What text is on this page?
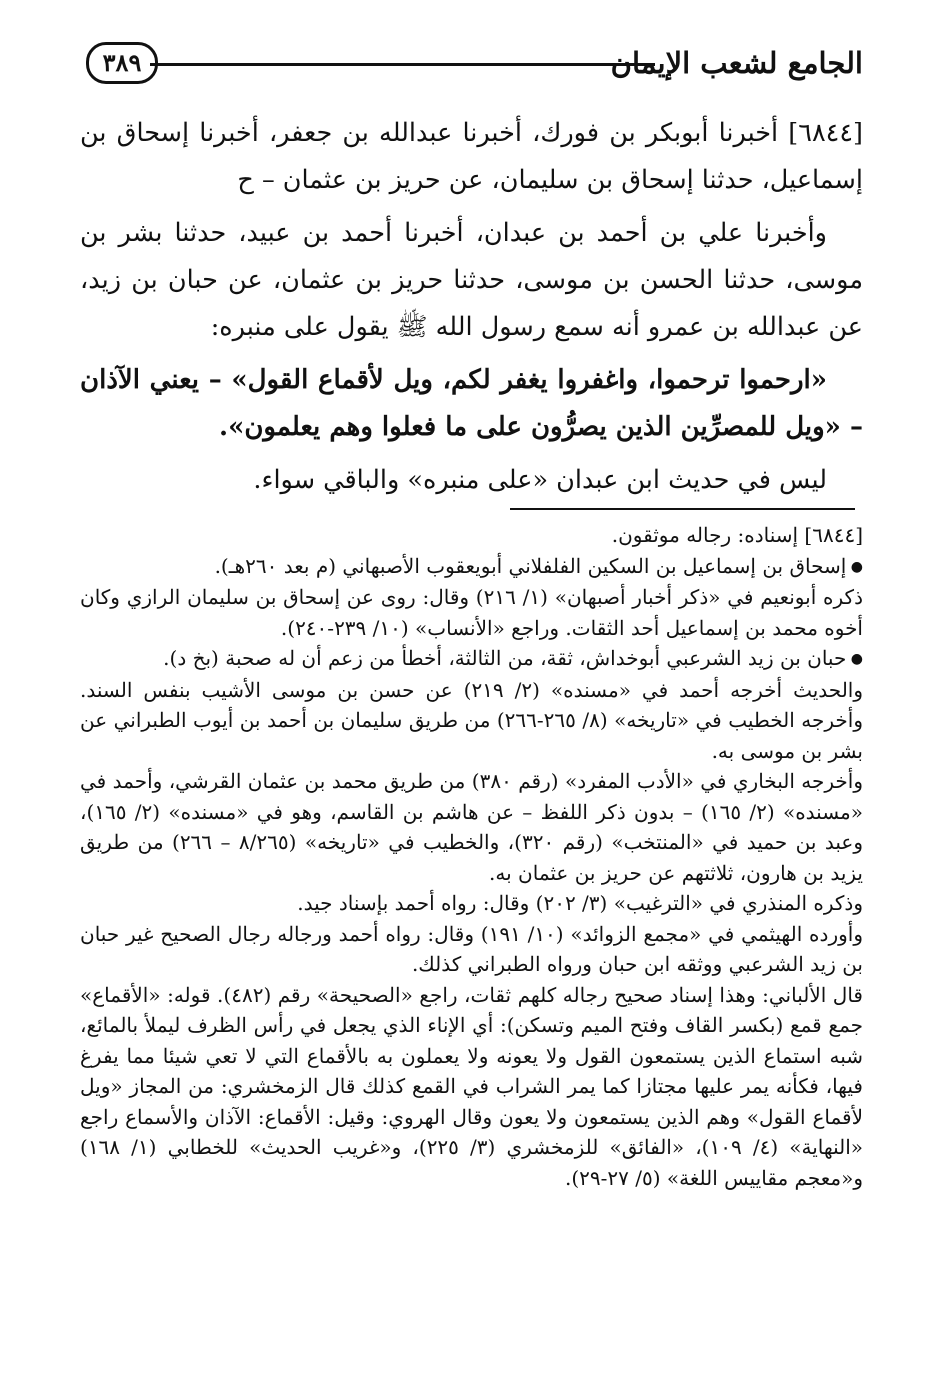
الجامع لشعب الإيمان
٣٨٩

[٦٨٤٤] أخبرنا أبوبكر بن فورك، أخبرنا عبدالله بن جعفر، أخبرنا إسحاق بن إسماعيل، حدثنا إسحاق بن سليمان، عن حريز بن عثمان – ح

وأخبرنا علي بن أحمد بن عبدان، أخبرنا أحمد بن عبيد، حدثنا بشر بن موسى، حدثنا الحسن بن موسى، حدثنا حريز بن عثمان، عن حبان بن زيد، عن عبدالله بن عمرو أنه سمع رسول الله ﷺ يقول على منبره:

«ارحموا ترحموا، واغفروا يغفر لكم، ويل لأقماع القول» – يعني الآذان – «ويل للمصرِّين الذين يصرُّون على ما فعلوا وهم يعلمون».

ليس في حديث ابن عبدان «على منبره» والباقي سواء.

[٦٨٤٤] إسناده: رجاله موثقون.

● إسحاق بن إسماعيل بن السكين الفلفلاني أبويعقوب الأصبهاني (م بعد ٢٦٠هـ).

ذكره أبونعيم في «ذكر أخبار أصبهان» (١/ ٢١٦) وقال: روى عن إسحاق بن سليمان الرازي وكان أخوه محمد بن إسماعيل أحد الثقات. وراجع «الأنساب» (١٠/ ٢٣٩-٢٤٠).

● حبان بن زيد الشرعبي أبوخداش، ثقة، من الثالثة، أخطأ من زعم أن له صحبة (بخ د).

والحديث أخرجه أحمد في «مسنده» (٢/ ٢١٩) عن حسن بن موسى الأشيب بنفس السند. وأخرجه الخطيب في «تاريخه» (٨/ ٢٦٥-٢٦٦) من طريق سليمان بن أحمد بن أيوب الطبراني عن بشر بن موسى به.

وأخرجه البخاري في «الأدب المفرد» (رقم ٣٨٠) من طريق محمد بن عثمان القرشي، وأحمد في «مسنده» (٢/ ١٦٥) – بدون ذكر اللفظ – عن هاشم بن القاسم، وهو في «مسنده» (٢/ ١٦٥)، وعبد بن حميد في «المنتخب» (رقم ٣٢٠)، والخطيب في «تاريخه» (٨/٢٦٥ – ٢٦٦) من طريق يزيد بن هارون، ثلاثتهم عن حريز بن عثمان به.

وذكره المنذري في «الترغيب» (٣/ ٢٠٢) وقال: رواه أحمد بإسناد جيد.

وأورده الهيثمي في «مجمع الزوائد» (١٠/ ١٩١) وقال: رواه أحمد ورجاله رجال الصحيح غير حبان بن زيد الشرعبي ووثقه ابن حبان ورواه الطبراني كذلك.

قال الألباني: وهذا إسناد صحيح رجاله كلهم ثقات، راجع «الصحيحة» رقم (٤٨٢). قوله: «الأقماع» جمع قمع (بكسر القاف وفتح الميم وتسكن): أي الإناء الذي يجعل في رأس الظرف ليملأ بالمائع، شبه استماع الذين يستمعون القول ولا يعونه ولا يعملون به بالأقماع التي لا تعي شيئا مما يفرغ فيها، فكأنه يمر عليها مجتازا كما يمر الشراب في القمع كذلك قال الزمخشري: من المجاز «ويل لأقماع القول» وهم الذين يستمعون ولا يعون وقال الهروي: وقيل: الأقماع: الآذان والأسماع راجع «النهاية» (٤/ ١٠٩)، «الفائق» للزمخشري (٣/ ٢٢٥)، و«غريب الحديث» للخطابي (١/ ١٦٨) و«معجم مقاييس اللغة» (٥/ ٢٧-٢٩).
